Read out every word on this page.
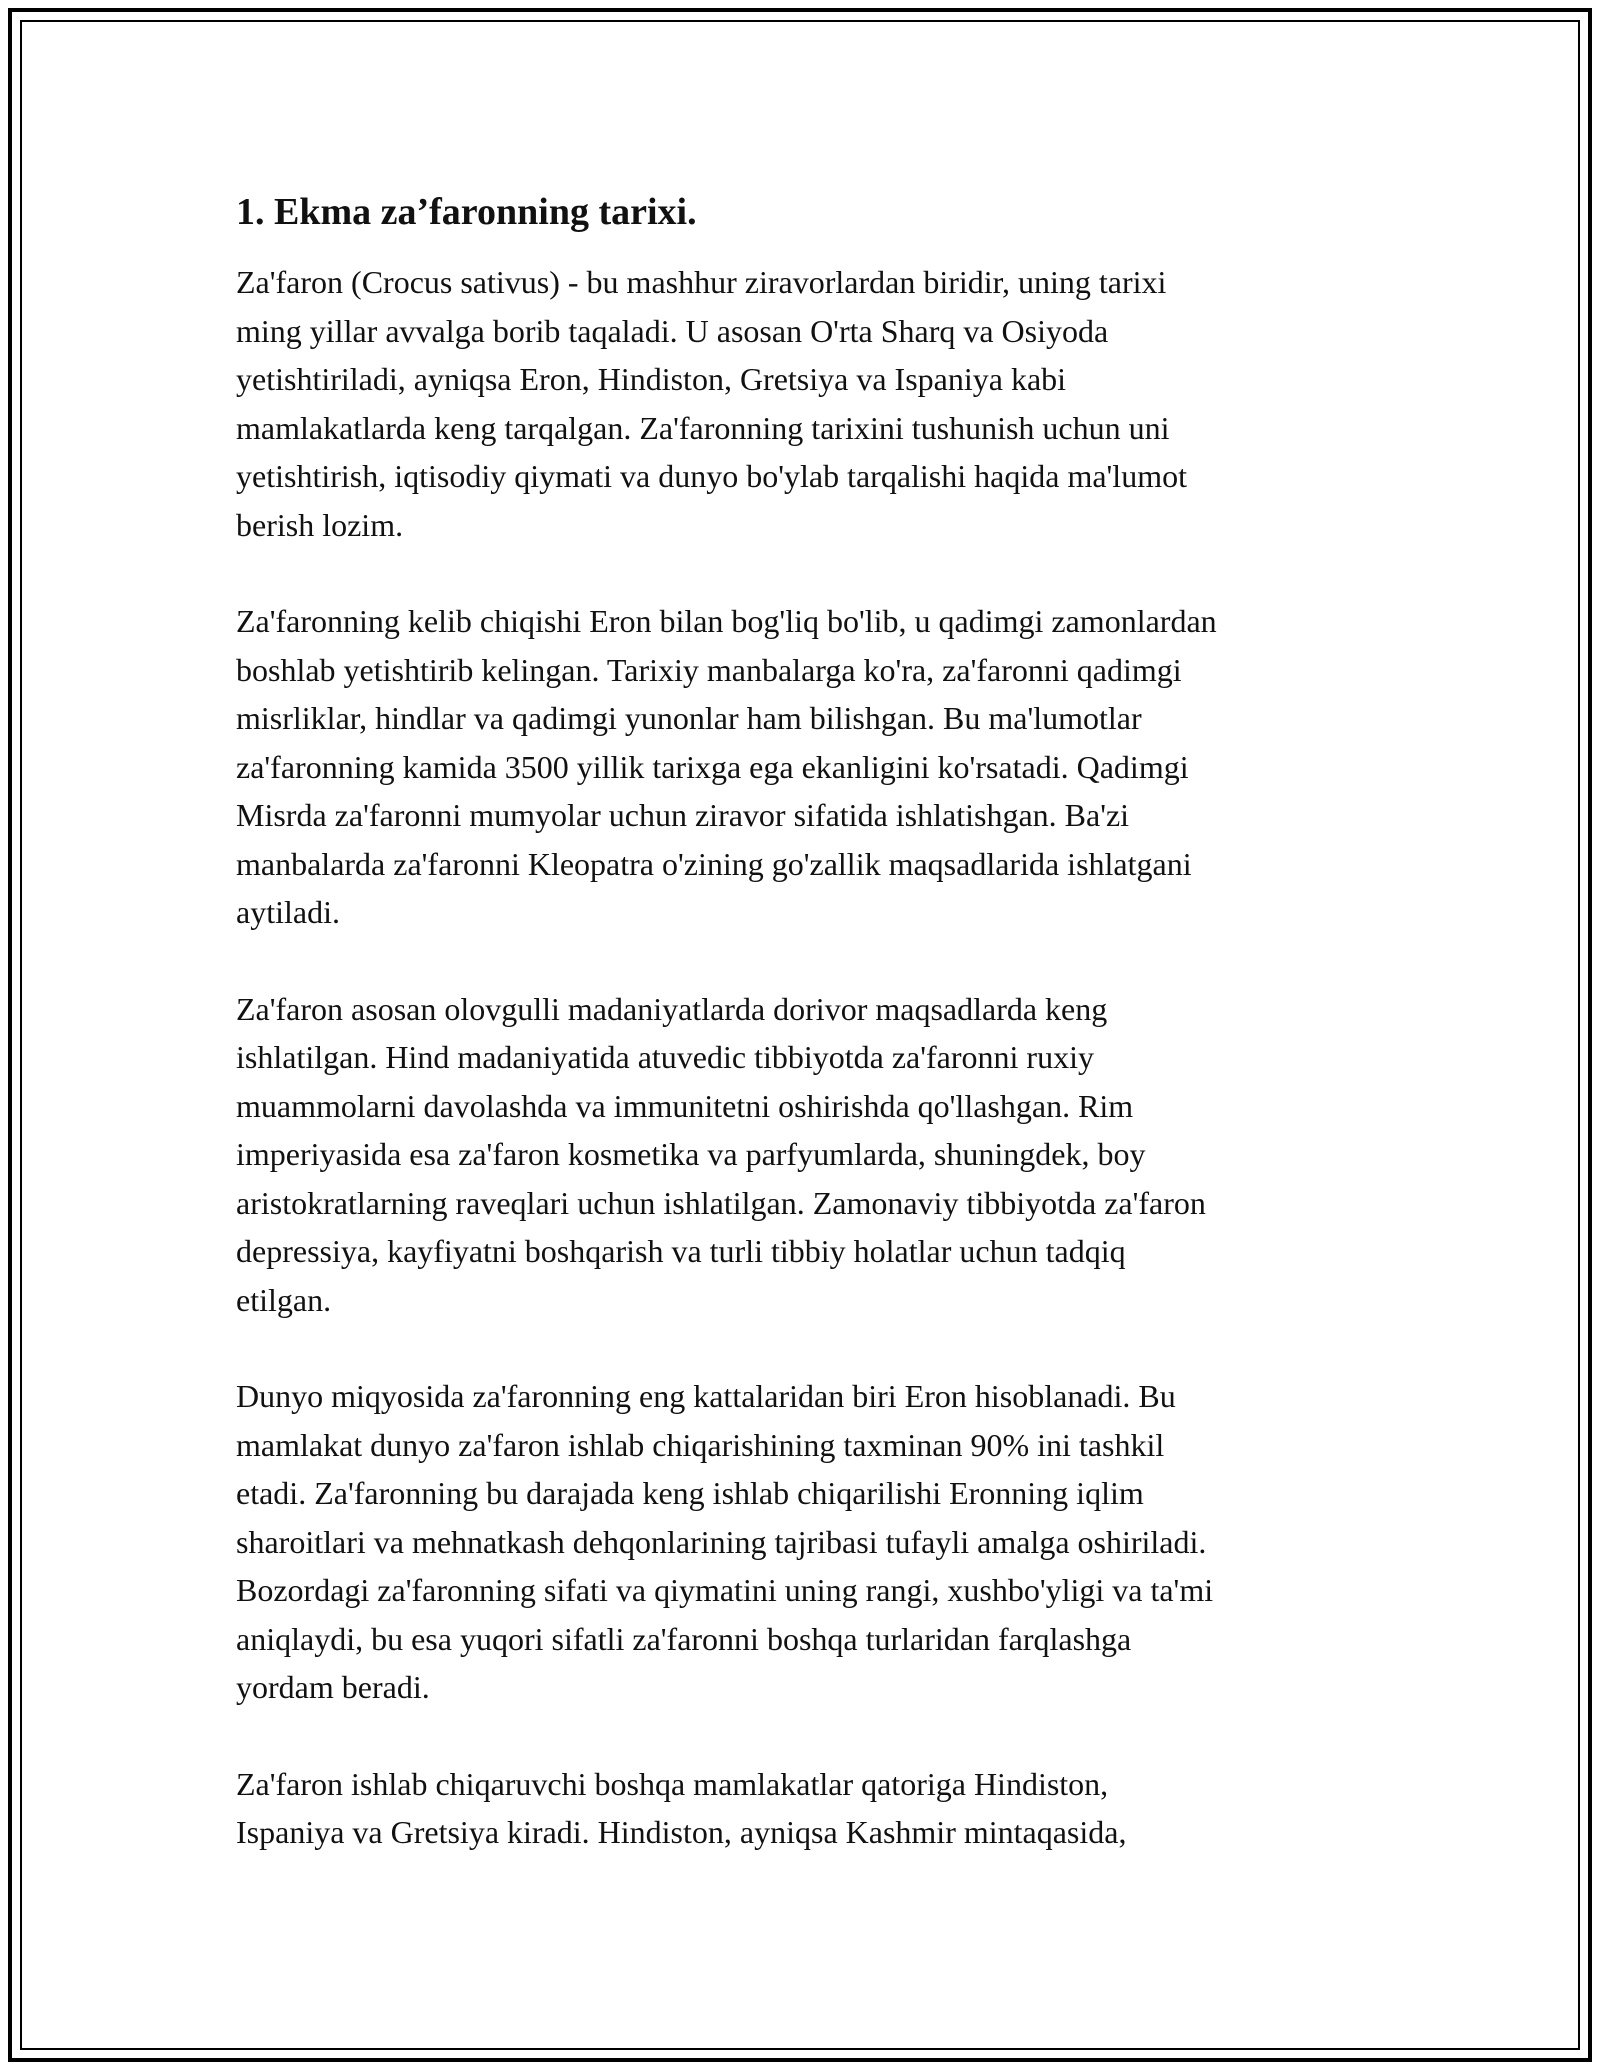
1. Ekma za’faronning tarixi.

Za'faron (Crocus sativus) - bu mashhur ziravorlardan biridir, uning tarixi
ming yillar avvalga borib taqaladi. U asosan O'rta Sharq va Osiyoda
yetishtiriladi, ayniqsa Eron, Hindiston, Gretsiya va Ispaniya kabi
mamlakatlarda keng tarqalgan. Za'faronning tarixini tushunish uchun uni
yetishtirish, iqtisodiy qiymati va dunyo bo'ylab tarqalishi haqida ma'lumot
berish lozim.

Za'faronning kelib chiqishi Eron bilan bog'liq bo'lib, u qadimgi zamonlardan
boshlab yetishtirib kelingan. Tarixiy manbalarga ko'ra, za'faronni qadimgi
misrliklar, hindlar va qadimgi yunonlar ham bilishgan. Bu ma'lumotlar
za'faronning kamida 3500 yillik tarixga ega ekanligini ko'rsatadi. Qadimgi
Misrda za'faronni mumyolar uchun ziravor sifatida ishlatishgan. Ba'zi
manbalarda za'faronni Kleopatra o'zining go'zallik maqsadlarida ishlatgani
aytiladi.

Za'faron asosan olovgulli madaniyatlarda dorivor maqsadlarda keng
ishlatilgan. Hind madaniyatida atuvedic tibbiyotda za'faronni ruxiy
muammolarni davolashda va immunitetni oshirishda qo'llashgan. Rim
imperiyasida esa za'faron kosmetika va parfyumlarda, shuningdek, boy
aristokratlarning raveqlari uchun ishlatilgan. Zamonaviy tibbiyotda za'faron
depressiya, kayfiyatni boshqarish va turli tibbiy holatlar uchun tadqiq
etilgan.

Dunyo miqyosida za'faronning eng kattalaridan biri Eron hisoblanadi. Bu
mamlakat dunyo za'faron ishlab chiqarishining taxminan 90% ini tashkil
etadi. Za'faronning bu darajada keng ishlab chiqarilishi Eronning iqlim
sharoitlari va mehnatkash dehqonlarining tajribasi tufayli amalga oshiriladi.
Bozordagi za'faronning sifati va qiymatini uning rangi, xushbo'yligi va ta'mi
aniqlaydi, bu esa yuqori sifatli za'faronni boshqa turlaridan farqlashga
yordam beradi.

Za'faron ishlab chiqaruvchi boshqa mamlakatlar qatoriga Hindiston,
Ispaniya va Gretsiya kiradi. Hindiston, ayniqsa Kashmir mintaqasida,
